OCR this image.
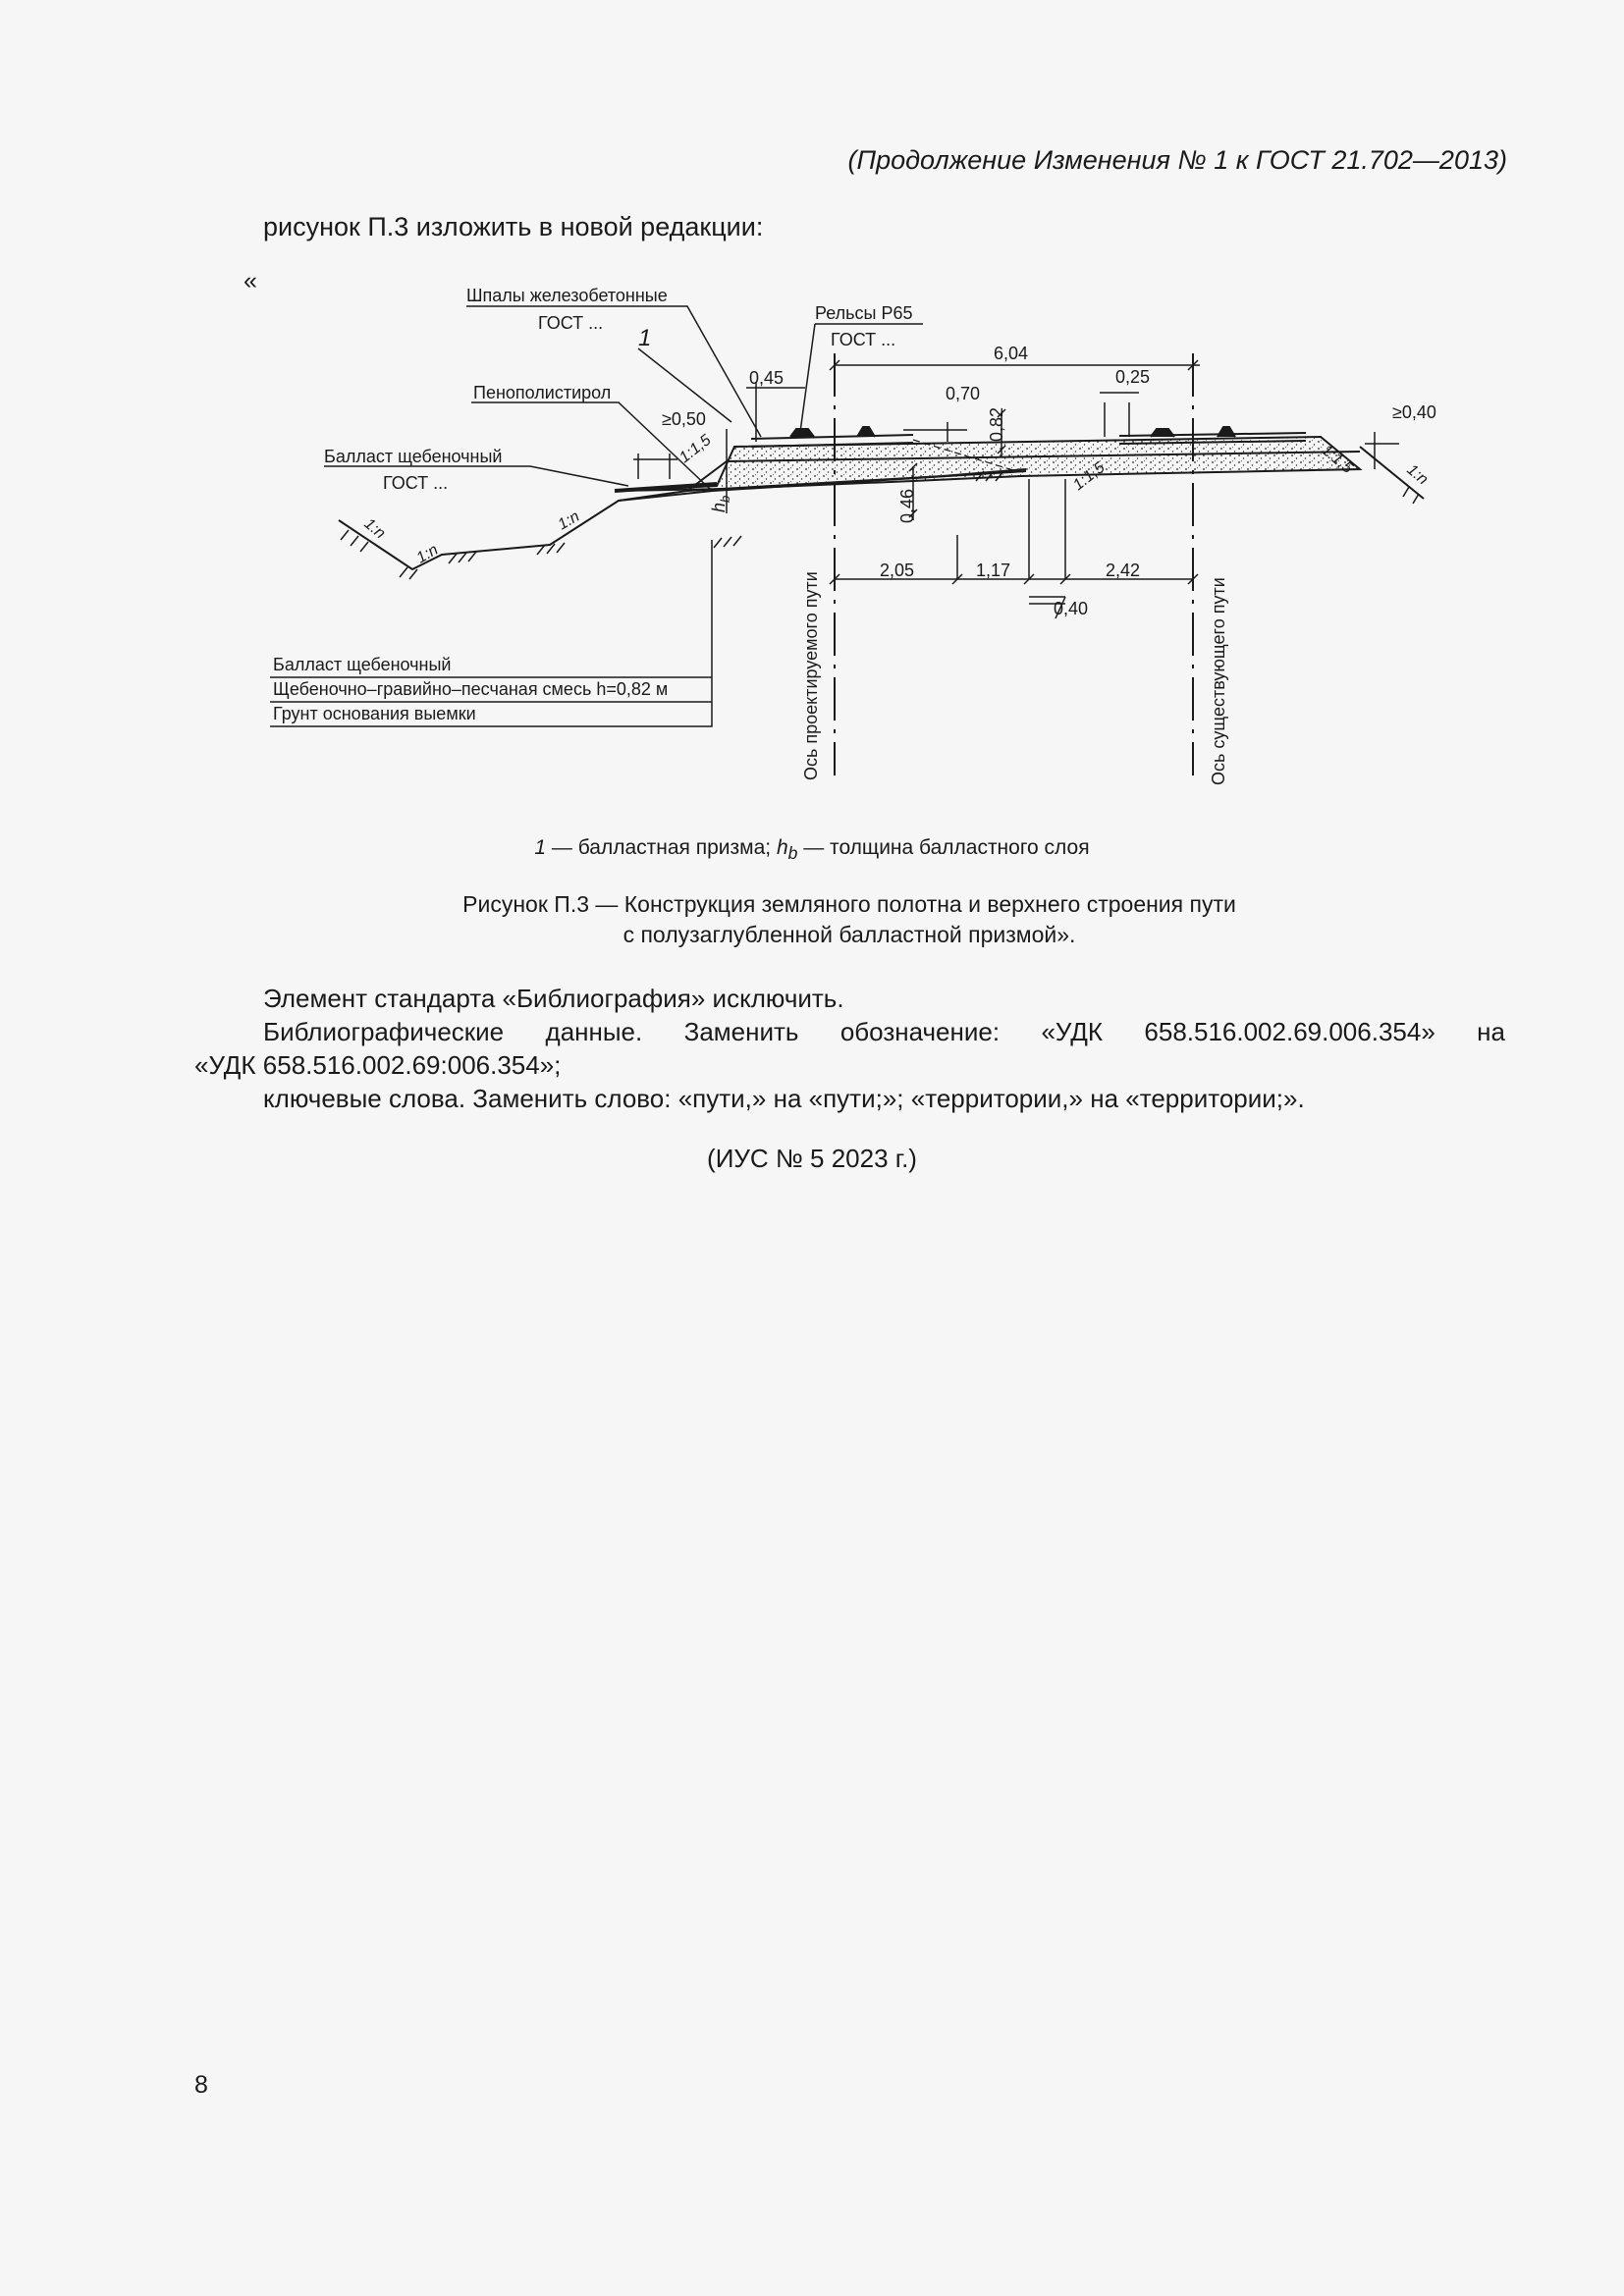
(Продолжение Изменения № 1 к ГОСТ 21.702—2013)
рисунок П.3 изложить в новой редакции:
«
Шпалы железобетонные
ГОСТ ...	Рельсы Р65
ГОСТ ...
1
Пенополистирол
Балласт щебеночный
ГОСТ ...
$h_b$
Ось проектируемого пути	Ось существующего пути
6,04
0,45
0,70
0,25
≥0,50	≥0,40
0,82
0,46
2,05	1,17	2,42
0,40
1:1,5
1:1,5	1:1,5
1:n
1:n
1:n
1:n
Балласт щебеночный
Щебеночно–гравийно–песчаная смесь h=0,82 м
Грунт основания выемки
1 — балластная призма; $h_b$ — толщина балластного слоя
Рисунок П.3 — Конструкция земляного полотна и верхнего строения пути
с полузаглубленной балластной призмой».

Элемент стандарта «Библиография» исключить.

Библиографические данные. Заменить обозначение: «УДК 658.516.002.69.006.354» на

«УДК 658.516.002.69:006.354»;

ключевые слова. Заменить слово: «пути,» на «пути;»; «территории,» на «территории;».

(ИУС № 5 2023 г.)
8
